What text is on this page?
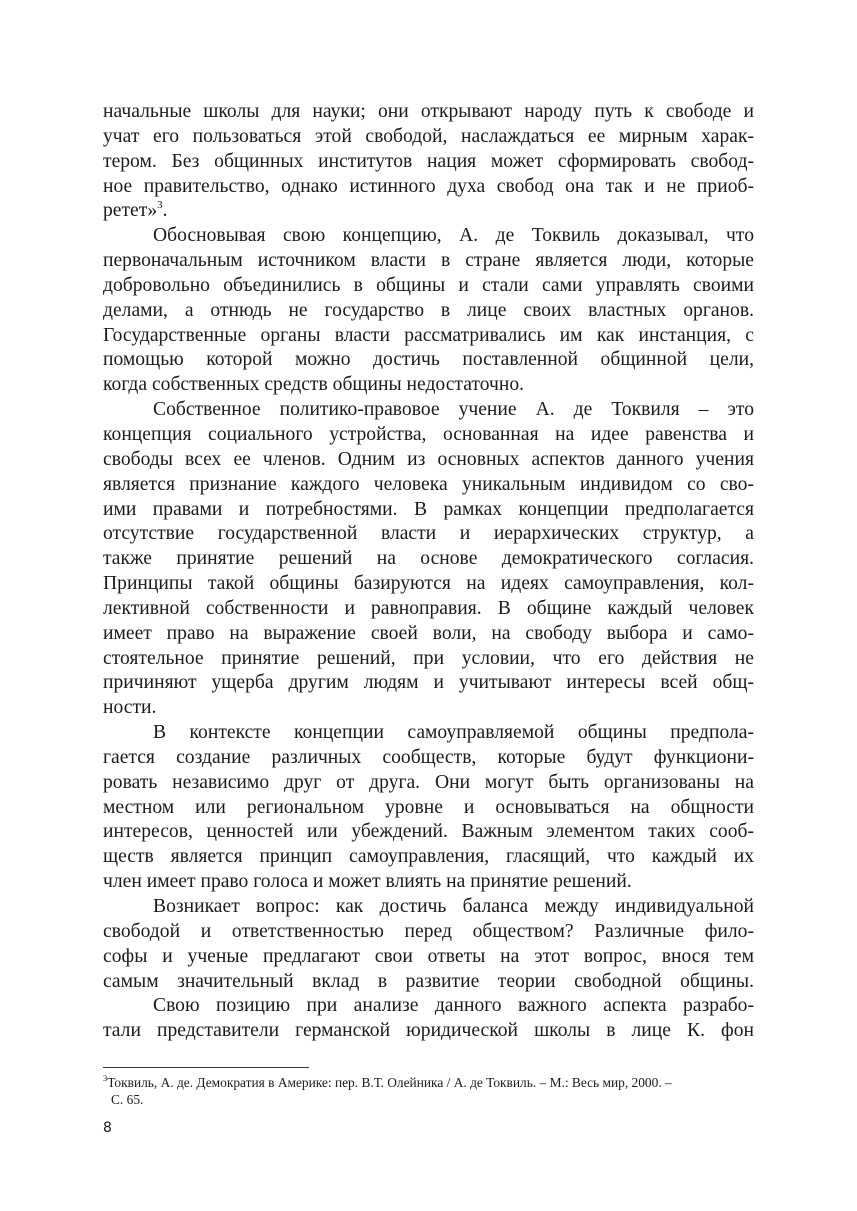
начальные школы для науки; они открывают народу путь к свободе и
учат его пользоваться этой свободой, наслаждаться ее мирным харак-
тером. Без общинных институтов нация может сформировать свобод-
ное правительство, однако истинного духа свобод она так и не приоб-
ретет»$^3$.
Обосновывая свою концепцию, А. де Токвиль доказывал, что
первоначальным источником власти в стране является люди, которые
добровольно объединились в общины и стали сами управлять своими
делами, а отнюдь не государство в лице своих властных органов.
Государственные органы власти рассматривались им как инстанция, с
помощью которой можно достичь поставленной общинной цели,
когда собственных средств общины недостаточно.
Собственное политико-правовое учение А. де Токвиля – это
концепция социального устройства, основанная на идее равенства и
свободы всех ее членов. Одним из основных аспектов данного учения
является признание каждого человека уникальным индивидом со сво-
ими правами и потребностями. В рамках концепции предполагается
отсутствие государственной власти и иерархических структур, а
также принятие решений на основе демократического согласия.
Принципы такой общины базируются на идеях самоуправления, кол-
лективной собственности и равноправия. В общине каждый человек
имеет право на выражение своей воли, на свободу выбора и само-
стоятельное принятие решений, при условии, что его действия не
причиняют ущерба другим людям и учитывают интересы всей общ-
ности.
В контексте концепции самоуправляемой общины предпола-
гается создание различных сообществ, которые будут функциони-
ровать независимо друг от друга. Они могут быть организованы на
местном или региональном уровне и основываться на общности
интересов, ценностей или убеждений. Важным элементом таких сооб-
ществ является принцип самоуправления, гласящий, что каждый их
член имеет право голоса и может влиять на принятие решений.
Возникает вопрос: как достичь баланса между индивидуальной
свободой и ответственностью перед обществом? Различные фило-
софы и ученые предлагают свои ответы на этот вопрос, внося тем
самым значительный вклад в развитие теории свободной общины.
Свою позицию при анализе данного важного аспекта разрабо-
тали представители германской юридической школы в лице К. фон
$^3$Токвиль, А. де. Демократия в Америке: пер. В.Т. Олейника / А. де Токвиль. – М.: Весь мир, 2000. –
С. 65.
8
